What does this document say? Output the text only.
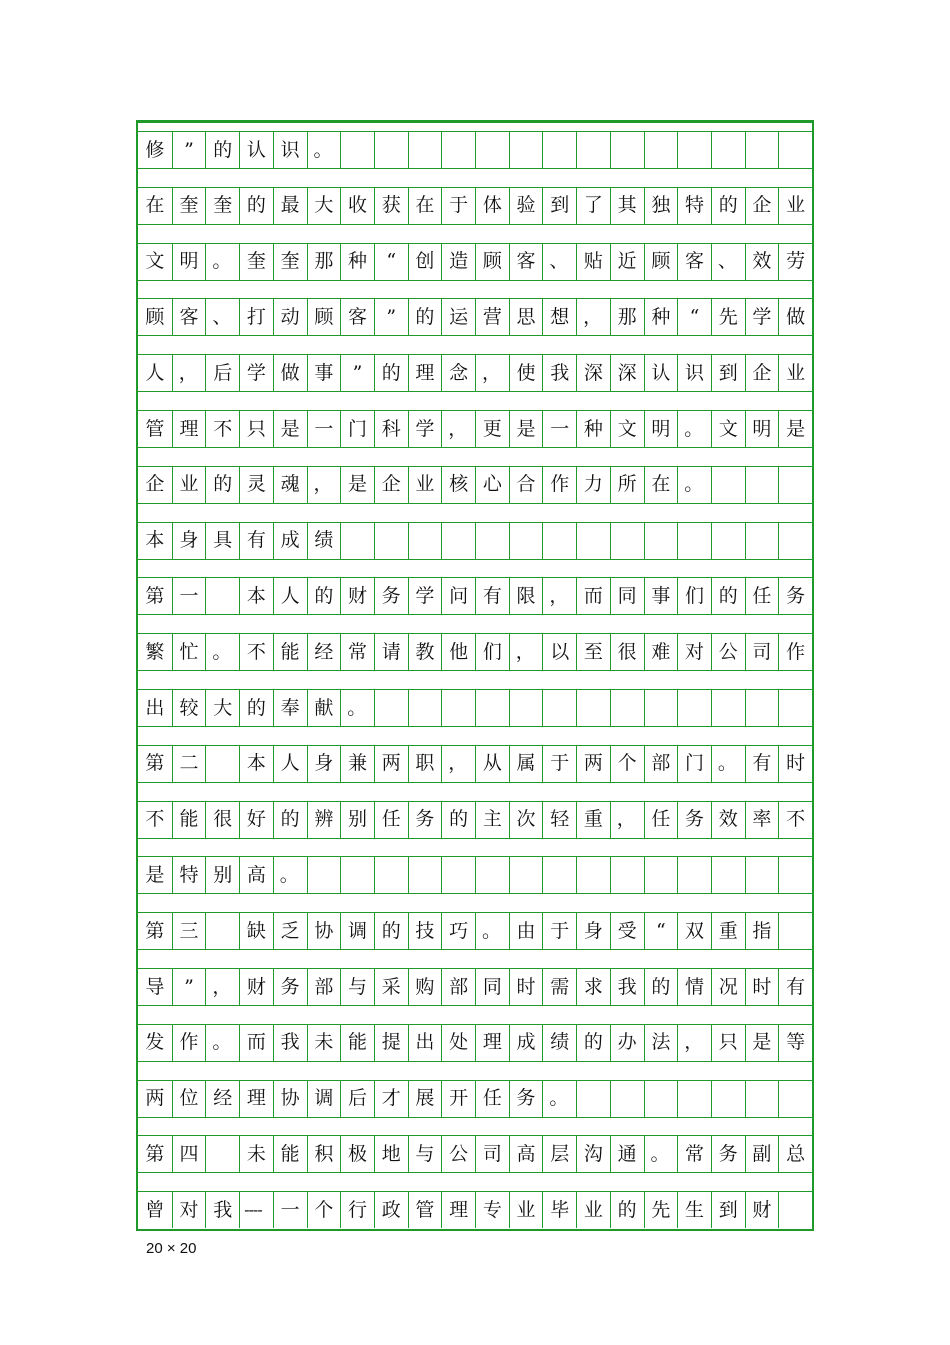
修	”	的 认 识 。
在 奎 奎 的 最 大 收 获 在 于 体 验 到 了 其 独 特 的 企 业
文 明 。 奎 奎 那 种	“	创 造 顾 客 、 贴 近 顾 客 、 效 劳
顾 客 、 打 动 顾 客	”	的 运 营 思 想 ， 那 种	“	先 学 做
人 ， 后 学 做 事	”	的 理 念 ， 使 我 深 深 认 识 到 企 业
管 理 不 只 是 一 门 科 学 ， 更 是 一 种 文 明 。 文 明 是
企 业 的 灵 魂 ， 是 企 业 核 心 合 作 力 所 在 。
本 身 具 有 成 绩
第 一	本 人 的 财 务 学 问 有 限 ， 而 同 事 们 的 任 务
繁 忙 。 不 能 经 常 请 教 他 们 ， 以 至 很 难 对 公 司 作
出 较 大 的 奉 献 。
第 二	本 人 身 兼 两 职 ， 从 属 于 两 个 部 门 。 有 时
不 能 很 好 的 辨 别 任 务 的 主 次 轻 重 ， 任 务 效 率 不
是 特 别 高 。
第 三	缺 乏 协 调 的 技 巧 。 由 于 身 受	“	双 重 指
导	” ， 财 务 部 与 采 购 部 同 时 需 求 我 的 情 况 时 有
发 作 。 而 我 未 能 提 出 处 理 成 绩 的 办 法 ， 只 是 等
两 位 经 理 协 调 后 才 展 开 任 务 。
第 四	未 能 积 极 地 与 公 司 高 层 沟 通 。 常 务 副 总
曾 对 我 ---- 一 个 行 政 管 理 专 业 毕 业 的 先 生 到 财
20 × 20
